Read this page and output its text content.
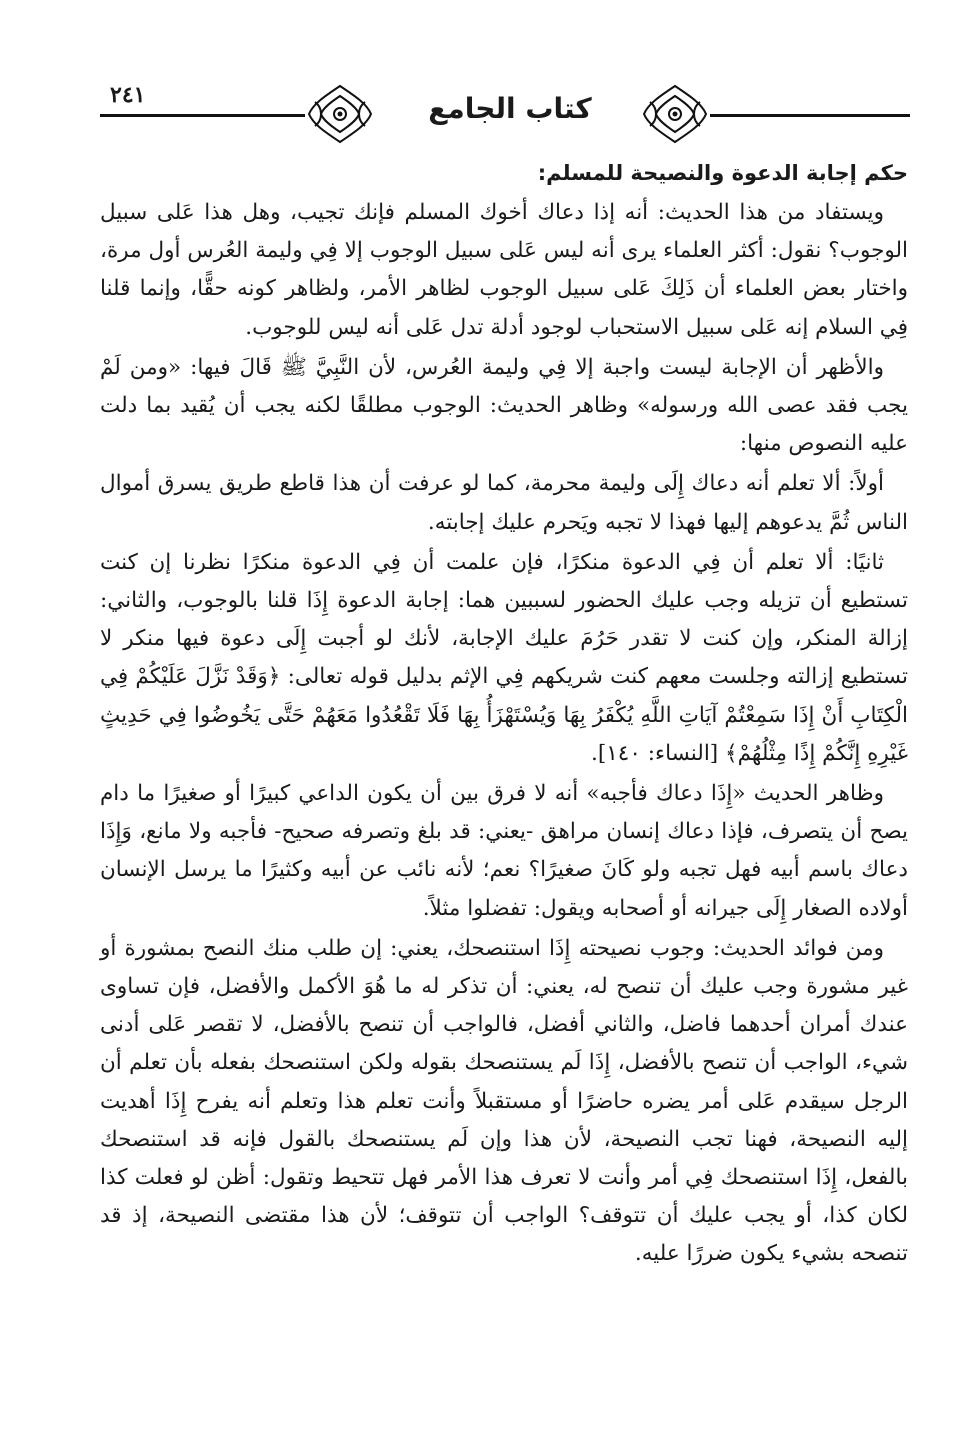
٢٤١	كتاب الجامع
حكم إجابة الدعوة والنصيحة للمسلم:

ويستفاد من هذا الحديث: أنه إذا دعاك أخوك المسلم فإنك تجيب، وهل هذا عَلى سبيل الوجوب؟ نقول: أكثر العلماء يرى أنه ليس عَلى سبيل الوجوب إلا فِي وليمة العُرس أول مرة، واختار بعض العلماء أن ذَلِكَ عَلى سبيل الوجوب لظاهر الأمر، ولظاهر كونه حقًّا، وإنما قلنا فِي السلام إنه عَلى سبيل الاستحباب لوجود أدلة تدل عَلى أنه ليس للوجوب.

والأظهر أن الإجابة ليست واجبة إلا فِي وليمة العُرس، لأن النَّبِيَّ ﷺ قَالَ فيها: «ومن لَمْ يجب فقد عصى الله ورسوله» وظاهر الحديث: الوجوب مطلقًا لكنه يجب أن يُقيد بما دلت عليه النصوص منها:

أولاً: ألا تعلم أنه دعاك إِلَى وليمة محرمة، كما لو عرفت أن هذا قاطع طريق يسرق أموال الناس ثُمَّ يدعوهم إليها فهذا لا تجبه ويَحرم عليك إجابته.

ثانيًا: ألا تعلم أن فِي الدعوة منكرًا، فإن علمت أن فِي الدعوة منكرًا نظرنا إن كنت تستطيع أن تزيله وجب عليك الحضور لسببين هما: إجابة الدعوة إِذَا قلنا بالوجوب، والثاني: إزالة المنكر، وإن كنت لا تقدر حَرُمَ عليك الإجابة، لأنك لو أجبت إِلَى دعوة فيها منكر لا تستطيع إزالته وجلست معهم كنت شريكهم فِي الإثم بدليل قوله تعالى: ﴿وَقَدْ نَزَّلَ عَلَيْكُمْ فِي الْكِتَابِ أَنْ إِذَا سَمِعْتُمْ آيَاتِ اللَّهِ يُكْفَرُ بِهَا وَيُسْتَهْزَأُ بِهَا فَلَا تَقْعُدُوا مَعَهُمْ حَتَّى يَخُوضُوا فِي حَدِيثٍ غَيْرِهِ إِنَّكُمْ إِذًا مِثْلُهُمْ﴾ [النساء: ١٤٠].

وظاهر الحديث «إِذَا دعاك فأجبه» أنه لا فرق بين أن يكون الداعي كبيرًا أو صغيرًا ما دام يصح أن يتصرف، فإذا دعاك إنسان مراهق -يعني: قد بلغ وتصرفه صحيح- فأجبه ولا مانع، وَإِذَا دعاك باسم أبيه فهل تجبه ولو كَانَ صغيرًا؟ نعم؛ لأنه نائب عن أبيه وكثيرًا ما يرسل الإنسان أولاده الصغار إِلَى جيرانه أو أصحابه ويقول: تفضلوا مثلاً.

ومن فوائد الحديث: وجوب نصيحته إِذَا استنصحك، يعني: إن طلب منك النصح بمشورة أو غير مشورة وجب عليك أن تنصح له، يعني: أن تذكر له ما هُوَ الأكمل والأفضل، فإن تساوى عندك أمران أحدهما فاضل، والثاني أفضل، فالواجب أن تنصح بالأفضل، لا تقصر عَلى أدنى شيء، الواجب أن تنصح بالأفضل، إِذَا لَم يستنصحك بقوله ولكن استنصحك بفعله بأن تعلم أن الرجل سيقدم عَلى أمر يضره حاضرًا أو مستقبلاً وأنت تعلم هذا وتعلم أنه يفرح إِذَا أهديت إليه النصيحة، فهنا تجب النصيحة، لأن هذا وإن لَم يستنصحك بالقول فإنه قد استنصحك بالفعل، إِذَا استنصحك فِي أمر وأنت لا تعرف هذا الأمر فهل تتحيط وتقول: أظن لو فعلت كذا لكان كذا، أو يجب عليك أن تتوقف؟ الواجب أن تتوقف؛ لأن هذا مقتضى النصيحة، إذ قد تنصحه بشيء يكون ضررًا عليه.
